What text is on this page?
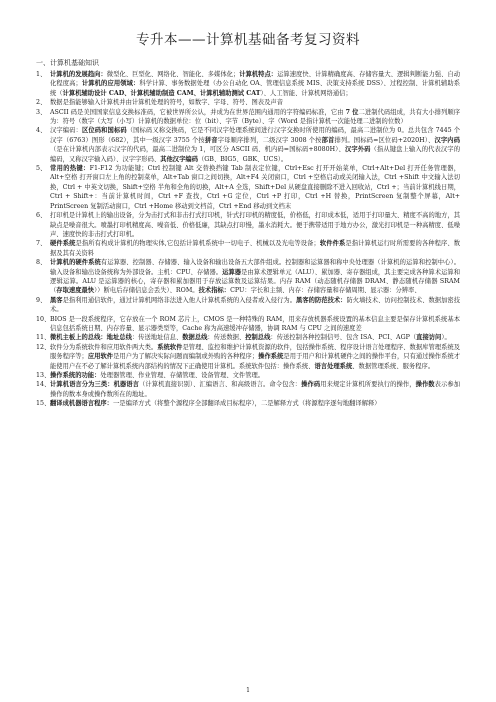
专升本——计算机基础备考复习资料
一、计算机基础知识
1、 计算机的发展趋向：微型化、巨型化、网络化、智能化、多媒体化；计算机特点：运算速度快、计算精确度高、存储容量大、逻辑判断能力强、自动化程度高；计算机的应用领域：科学计算、事务数据处理（办公自动化 OA、管理信息系统 MIS、决策支持系统 DSS）、过程控制、计算机辅助系统（计算机辅助设计 CAD、计算机辅助制造 CAM、计算机辅助测试 CAT）、人工智能、计算机网络通信；
2、 数据是指能够输入计算机并由计算机处理的符号，如数字、字母、符号、图表及声音
3、 ASCII 码是美国国家信息交换标准码，它被世界所公认，并成为在世界范围内通用的字符编码标准，它由 7 位二进制代码组成，共有大小排列顺序为：符号（数字（大写（小写）计算机的数据单位：位（bit）、字节（Byte）、字（Word 是指计算机一次能处理二进制的位数）
4、 汉字编码：区位码和国标码（国标码又称交换码，它是不同汉字处理系统间进行汉字交换时所使用的编码，最高二进制位为 0。总共包含 7445 个汉字（6763）图形（682），其中一级汉字 3755 个按拼音字母顺序排列，二级汉字 3008 个按部首排列。国标码=区位码+2020H）、汉字内码（是在计算机内部表示汉字的代码，最高二进制位为 1，可区分 ASCII 码、机内码=国标码+8080H）、汉字外码（指从键盘上输入的代表汉字的编码，又称汉字输入码）、汉字字形码、其他汉字编码（GB、BIG5、GBK、UCS）。
5、 常用的热键：F1-F12 为功能键；Ctrl 控制键 Alt 交替换挡键 Tab 制表定位键，Ctrl+Esc 打开开始菜单，Ctrl+Alt+Del 打开任务管理器，Alt+空格 打开窗口左上角的控制菜单，Alt+Tab 窗口之间切换，Alt+F4 关闭窗口，Ctrl +空格启动或关闭输入法，Ctrl +Shift 中文输入法切换，Ctrl + 中英文切换，Shift+空格 半角和全角的切换，Alt+A 全选，Shift+Del 从硬盘直接删除不进入回收站，Ctrl +；当前计算机线日期，Ctrl + Shift+：当前计算机时间，Ctrl +F 查找，Ctrl +G 定位，Ctrl +P 打印，Ctrl +H 替换，PrintScreen 复制整个屏幕，Alt+ PrintScreen 复制活动窗口，Ctrl +Home 移动到文档首，Ctrl +End 移动到文档末
6、 打印机是计算机上的输出设备，分为击打式和非击打式打印机，针式打印机的精度低，价格低，打印成本低，适用于打印量大、精度不高的地方，其缺点是噪音很大。喷墨打印机精度高、噪音低、价格低廉，其缺点打印慢，墨水消耗大。便于携带适用于地方办公，激光打印机是一种高精度、低噪声、速度快的非击打式打印机。
7、 硬件系统是指所有构成计算机的物理实体,它包括计算机系统中一切电子、机械以及光电等设备；软件件系是指计算机运行时所需要的各种程序、数据及其有关资料
8、 计算机的硬件系统有运算器、控制器、存储器、输入设备和输出设备五大部件组成。控制器和运算器和称中央处理器（计算机的运算和控制中心）。输入设备和输出设备统称为外部设备。主机：CPU、存储器。运算器是由算术逻辑单元（ALU）、累加器、寄存器组成，其主要完成各种算术运算和逻辑运算。ALU 是运算器的核心，寄存器和累加器用于存放运算数及运算结果。内存 RAM（动态随机存储器 DRAM、静态随机存储器 SRAM（存取速度最快））断电后存储信息会丢失）、ROM。技术指标：CPU：字长和主频、内存：存储容量和存储周期、显示器：分辨率、
9、 黑客是指利用通信软件，通过计算机网络非法进入他人计算机系统的入侵者或入侵行为。黑客的防范技术：防火墙技术、访问控制技术、数据加密技术。
10、 BIOS 是一段系统程序，它存放在一个 ROM 芯片上，CMOS 是一种特殊的 RAM，用来存放机器系统设置的基本信息主要是保存计算机系统基本信息包括系统日期、内存容量、显示器类型等，Cache 称为高速缓冲存储器，协调 RAM 与 CPU 之间的速度差
11、 微机主板上的总线：地址总线：传送地址信息、数据总线：传送数据、控制总线：传送控制各种控制信号、包含 ISA、PCI、AGP（直接访问）。
12、 软件分为系统软件和应用软件两大类。系统软件是管理、监控和维护计算机资源的软件，包括操作系统、程序设计语言处理程序、数据库管理系统及服务程序等；应用软件是用户为了解决实际问题而编制或外购的各种程序；操作系统是用于用户和计算机硬件之间的操作平台，只有通过操作系统才能使用户在不必了解计算机系统内部结构的情况下正确使用计算机。系统软件包括：操作系统、语言处理系统、数据管理系统、服务程序。
13、 操作系统的功能：处理器管理、作业管理、存储管理、设备管理、文件管理。
14、 计算机语言分为三类：机器语言（计算机直接识别）、汇编语言、和高级语言。命令包含：操作码用来规定计算机所要执行的操作，操作数表示参加操作的数本身或操作数所在的地址。
15、 翻译成机器语言程序：一是编译方式（将整个源程序全部翻译成目标程序），二是解释方式（将源程序逐句地翻译解释）
1
